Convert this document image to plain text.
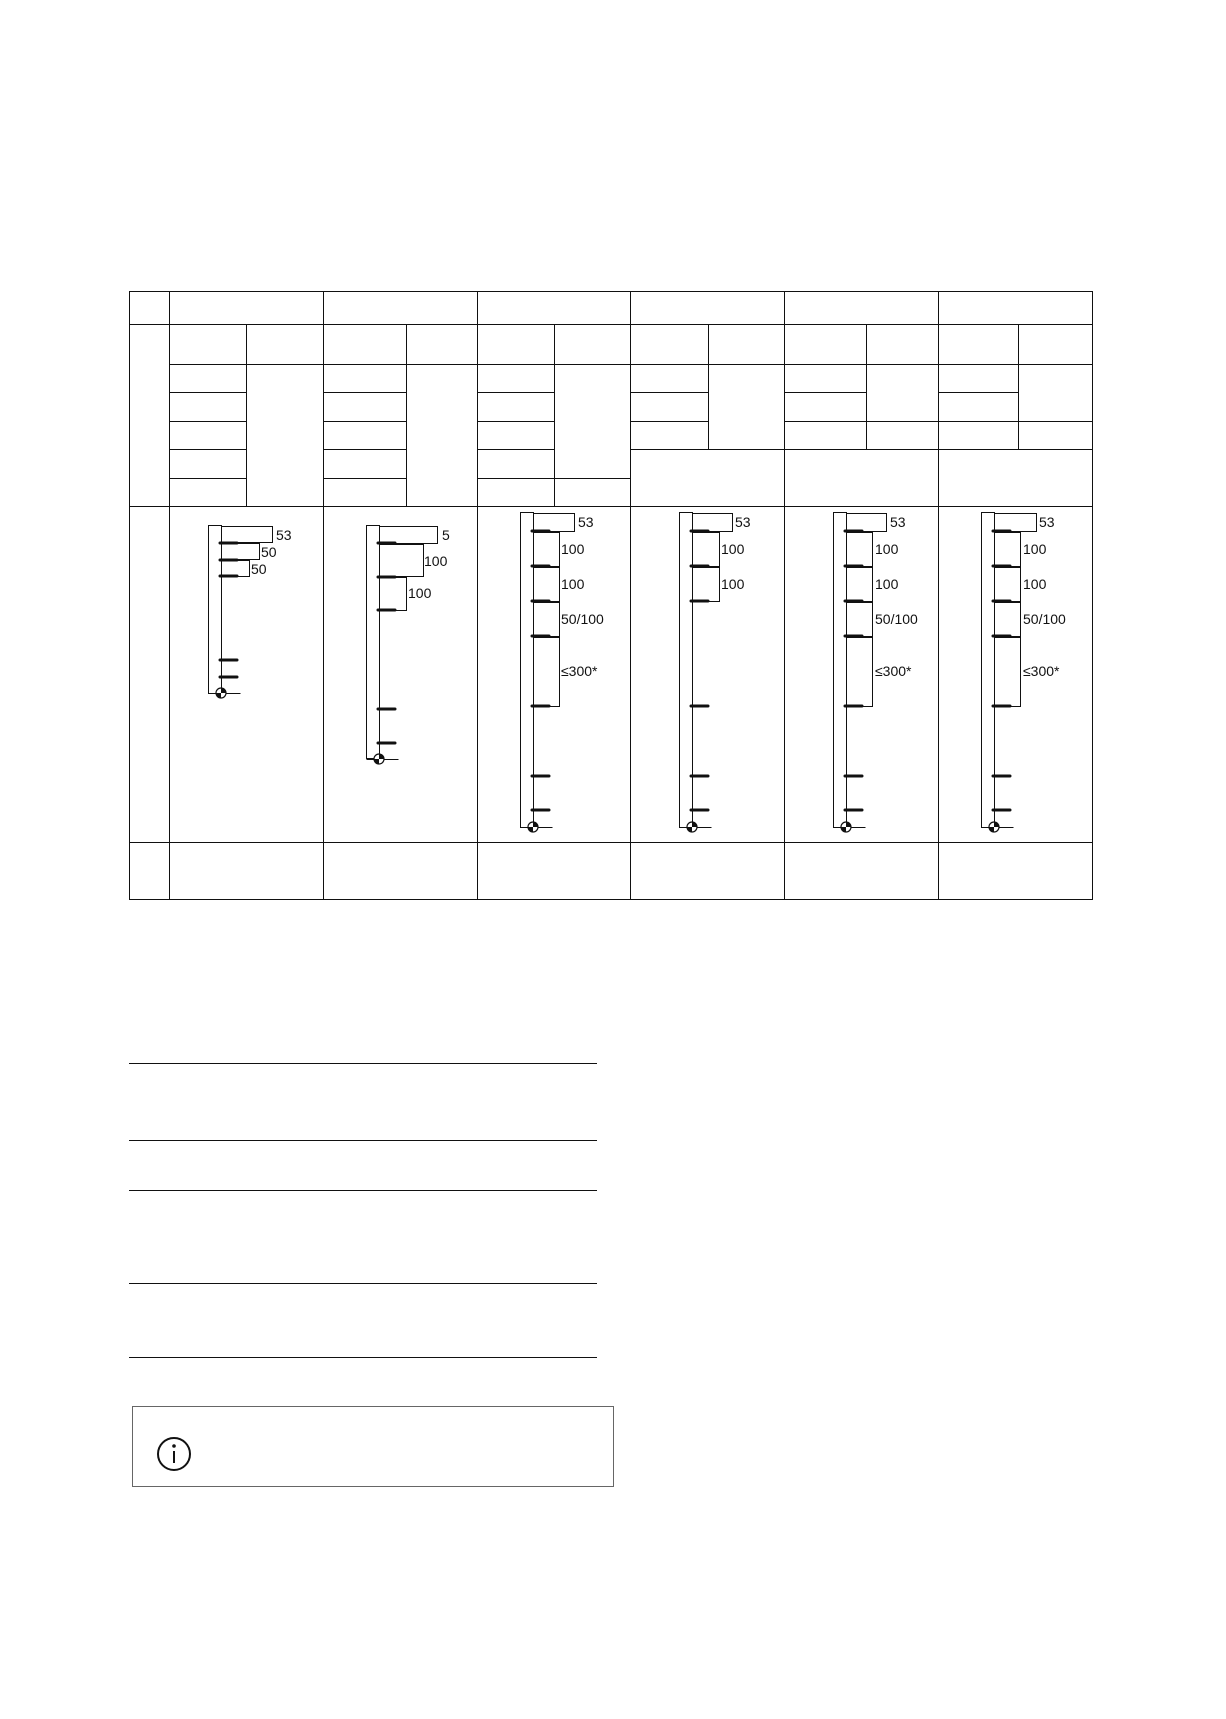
53
50
50
5
100
100
53
100
100
50/100
≤300*
53
100
100
53
100
100
50/100
≤300*
53
100
100
50/100
≤300*
